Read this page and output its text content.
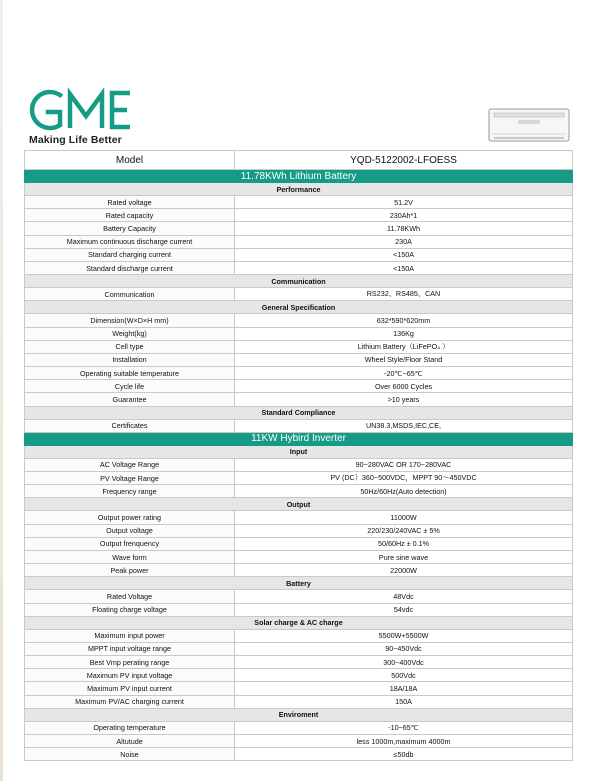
Making Life Better
Model	YQD-5122002-LFOESS
11.78KWh Lithium Battery	
Performance	
Rated voltage	51.2V
Rated capacity	230Ah*1
Battery Capacity	11.78KWh
Maximum continuous discharge current	230A
Standard charging current	<150A
Standard discharge current	<150A
Communication	
Communication	RS232、RS485、CAN
General Specification	
Dimension(W×D×H mm)	632*590*620mm
Weight(kg)	136Kg
Cell type	Lithium Battery（LiFePO₄ ）
Installation	Wheel Style/Floor Stand
Operating suitable temperature	-20℃~65℃
Cycle life	Over 6000 Cycles
Guarantee	>10 years
Standard Compliance	
Certificates	UN38.3,MSDS,IEC,CE,
11KW Hybird Inverter	
Input	
AC Voltage Range	90~280VAC OR 170~280VAC
PV Voltage Range	PV (DC）360~500VDC，MPPT 90～450VDC
Frequency range	50Hz/60Hz(Auto detection)
Output	
Output power rating	11000W
Output voltage	220/230/240VAC ± 5%
Output frenquency	50/60Hz ± 0.1%
Wave form	Pure sine wave
Peak power	22000W
Battery	
Rated Voltage	48Vdc
Floating charge voltage	54vdc
Solar charge & AC charge	
Maximum input power	5500W+5500W
MPPT input voltage range	90~450Vdc
Best Vmp perating range	300~400Vdc
Maximum PV input voltage	500Vdc
Maximum PV input current	18A/18A
Maximum PV/AC charging current	150A
Enviroment	
Operating temperature	-10~65℃
Altutude	less 1000m,maximum 4000m
Noise	≤50db
